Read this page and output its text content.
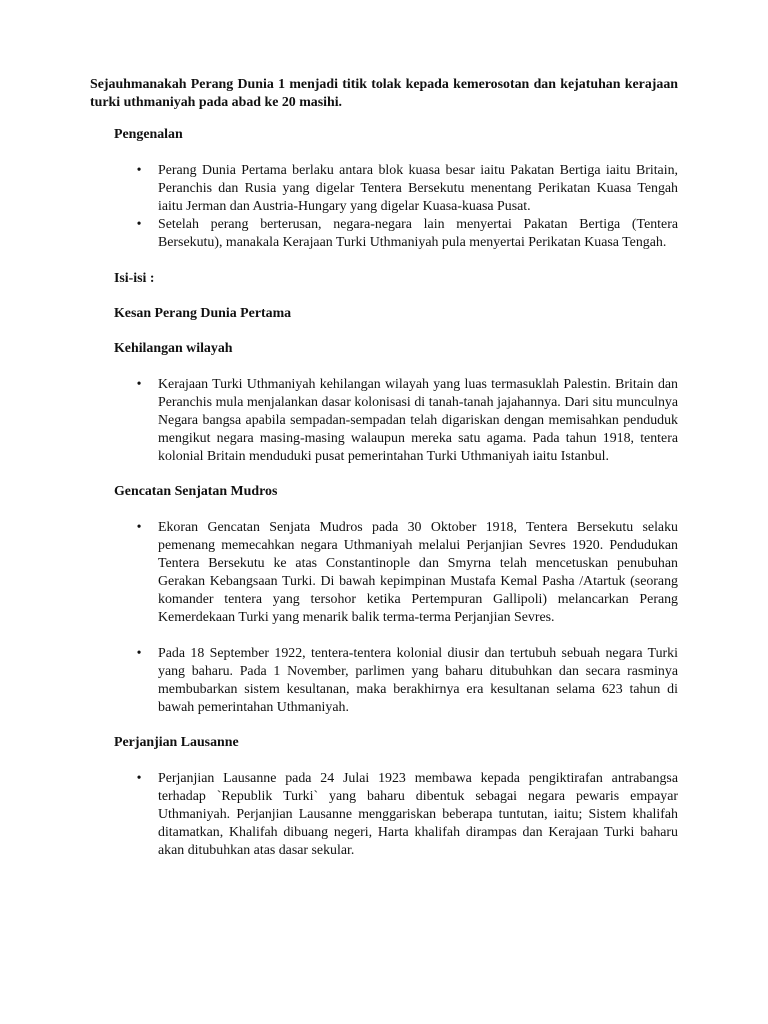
Sejauhmanakah Perang Dunia 1 menjadi titik tolak kepada kemerosotan dan kejatuhan kerajaan turki uthmaniyah pada abad ke 20 masihi.

Pengenalan

• Perang Dunia Pertama berlaku antara blok kuasa besar iaitu Pakatan Bertiga iaitu Britain, Peranchis dan Rusia yang digelar Tentera Bersekutu menentang Perikatan Kuasa Tengah iaitu Jerman dan Austria-Hungary yang digelar Kuasa-kuasa Pusat.
• Setelah perang berterusan, negara-negara lain menyertai Pakatan Bertiga (Tentera Bersekutu), manakala Kerajaan Turki Uthmaniyah pula menyertai Perikatan Kuasa Tengah.

Isi-isi :

Kesan Perang Dunia Pertama

Kehilangan wilayah

• Kerajaan Turki Uthmaniyah kehilangan wilayah yang luas termasuklah Palestin. Britain dan Peranchis mula menjalankan dasar kolonisasi di tanah-tanah jajahannya. Dari situ munculnya Negara bangsa apabila sempadan-sempadan telah digariskan dengan memisahkan penduduk mengikut negara masing-masing walaupun mereka satu agama. Pada tahun 1918, tentera kolonial Britain menduduki pusat pemerintahan Turki Uthmaniyah iaitu Istanbul.

Gencatan Senjatan Mudros

• Ekoran Gencatan Senjata Mudros pada 30 Oktober 1918, Tentera Bersekutu selaku pemenang memecahkan negara Uthmaniyah melalui Perjanjian Sevres 1920. Pendudukan Tentera Bersekutu ke atas Constantinople dan Smyrna telah mencetuskan penubuhan Gerakan Kebangsaan Turki. Di bawah kepimpinan Mustafa Kemal Pasha /Atartuk (seorang komander tentera yang tersohor ketika Pertempuran Gallipoli) melancarkan Perang Kemerdekaan Turki yang menarik balik terma-terma Perjanjian Sevres.
• Pada 18 September 1922, tentera-tentera kolonial diusir dan tertubuh sebuah negara Turki yang baharu. Pada 1 November, parlimen yang baharu ditubuhkan dan secara rasminya membubarkan sistem kesultanan, maka berakhirnya era kesultanan selama 623 tahun di bawah pemerintahan Uthmaniyah.

Perjanjian Lausanne

• Perjanjian Lausanne pada 24 Julai 1923 membawa kepada pengiktirafan antrabangsa terhadap `Republik Turki` yang baharu dibentuk sebagai negara pewaris empayar Uthmaniyah. Perjanjian Lausanne menggariskan beberapa tuntutan, iaitu; Sistem khalifah ditamatkan, Khalifah dibuang negeri, Harta khalifah dirampas dan Kerajaan Turki baharu akan ditubuhkan atas dasar sekular.
